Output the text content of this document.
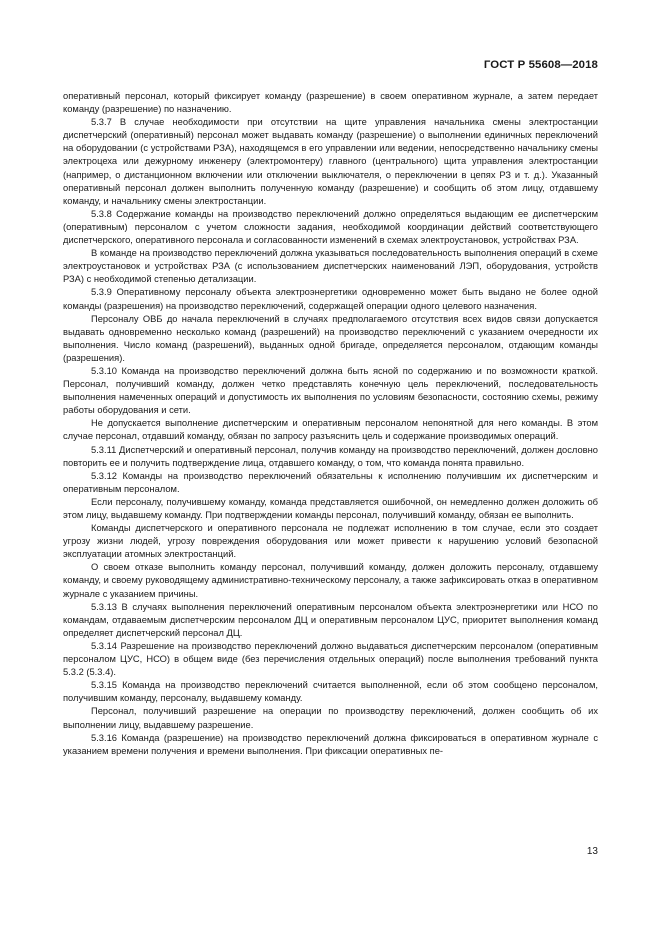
ГОСТ Р 55608—2018

оперативный персонал, который фиксирует команду (разрешение) в своем оперативном журнале, а затем передает команду (разрешение) по назначению.

5.3.7 В случае необходимости при отсутствии на щите управления начальника смены электростанции диспетчерский (оперативный) персонал может выдавать команду (разрешение) о выполнении единичных переключений на оборудовании (с устройствами РЗА), находящемся в его управлении или ведении, непосредственно начальнику смены электроцеха или дежурному инженеру (электромонтеру) главного (центрального) щита управления электростанции (например, о дистанционном включении или отключении выключателя, о переключении в цепях РЗ и т. д.). Указанный оперативный персонал должен выполнить полученную команду (разрешение) и сообщить об этом лицу, отдавшему команду, и начальнику смены электростанции.

5.3.8 Содержание команды на производство переключений должно определяться выдающим ее диспетчерским (оперативным) персоналом с учетом сложности задания, необходимой координации действий соответствующего диспетчерского, оперативного персонала и согласованности изменений в схемах электроустановок, устройствах РЗА.

В команде на производство переключений должна указываться последовательность выполнения операций в схеме электроустановок и устройствах РЗА (с использованием диспетчерских наименований ЛЭП, оборудования, устройств РЗА) с необходимой степенью детализации.

5.3.9 Оперативному персоналу объекта электроэнергетики одновременно может быть выдано не более одной команды (разрешения) на производство переключений, содержащей операции одного целевого назначения.

Персоналу ОВБ до начала переключений в случаях предполагаемого отсутствия всех видов связи допускается выдавать одновременно несколько команд (разрешений) на производство переключений с указанием очередности их выполнения. Число команд (разрешений), выданных одной бригаде, определяется персоналом, отдающим команды (разрешения).

5.3.10 Команда на производство переключений должна быть ясной по содержанию и по возможности краткой. Персонал, получивший команду, должен четко представлять конечную цель переключений, последовательность выполнения намеченных операций и допустимость их выполнения по условиям безопасности, состоянию схемы, режиму работы оборудования и сети.

Не допускается выполнение диспетчерским и оперативным персоналом непонятной для него команды. В этом случае персонал, отдавший команду, обязан по запросу разъяснить цель и содержание производимых операций.

5.3.11 Диспетчерский и оперативный персонал, получив команду на производство переключений, должен дословно повторить ее и получить подтверждение лица, отдавшего команду, о том, что команда понята правильно.

5.3.12 Команды на производство переключений обязательны к исполнению получившим их диспетчерским и оперативным персоналом.

Если персоналу, получившему команду, команда представляется ошибочной, он немедленно должен доложить об этом лицу, выдавшему команду. При подтверждении команды персонал, получивший команду, обязан ее выполнить.

Команды диспетчерского и оперативного персонала не подлежат исполнению в том случае, если это создает угрозу жизни людей, угрозу повреждения оборудования или может привести к нарушению условий безопасной эксплуатации атомных электростанций.

О своем отказе выполнить команду персонал, получивший команду, должен доложить персоналу, отдавшему команду, и своему руководящему административно-техническому персоналу, а также зафиксировать отказ в оперативном журнале с указанием причины.

5.3.13 В случаях выполнения переключений оперативным персоналом объекта электроэнергетики или НСО по командам, отдаваемым диспетчерским персоналом ДЦ и оперативным персоналом ЦУС, приоритет выполнения команд определяет диспетчерский персонал ДЦ.

5.3.14 Разрешение на производство переключений должно выдаваться диспетчерским персоналом (оперативным персоналом ЦУС, НСО) в общем виде (без перечисления отдельных операций) после выполнения требований пункта 5.3.2 (5.3.4).

5.3.15 Команда на производство переключений считается выполненной, если об этом сообщено персоналом, получившим команду, персоналу, выдавшему команду.

Персонал, получивший разрешение на операции по производству переключений, должен сообщить об их выполнении лицу, выдавшему разрешение.

5.3.16 Команда (разрешение) на производство переключений должна фиксироваться в оперативном журнале с указанием времени получения и времени выполнения. При фиксации оперативных пе-

13
